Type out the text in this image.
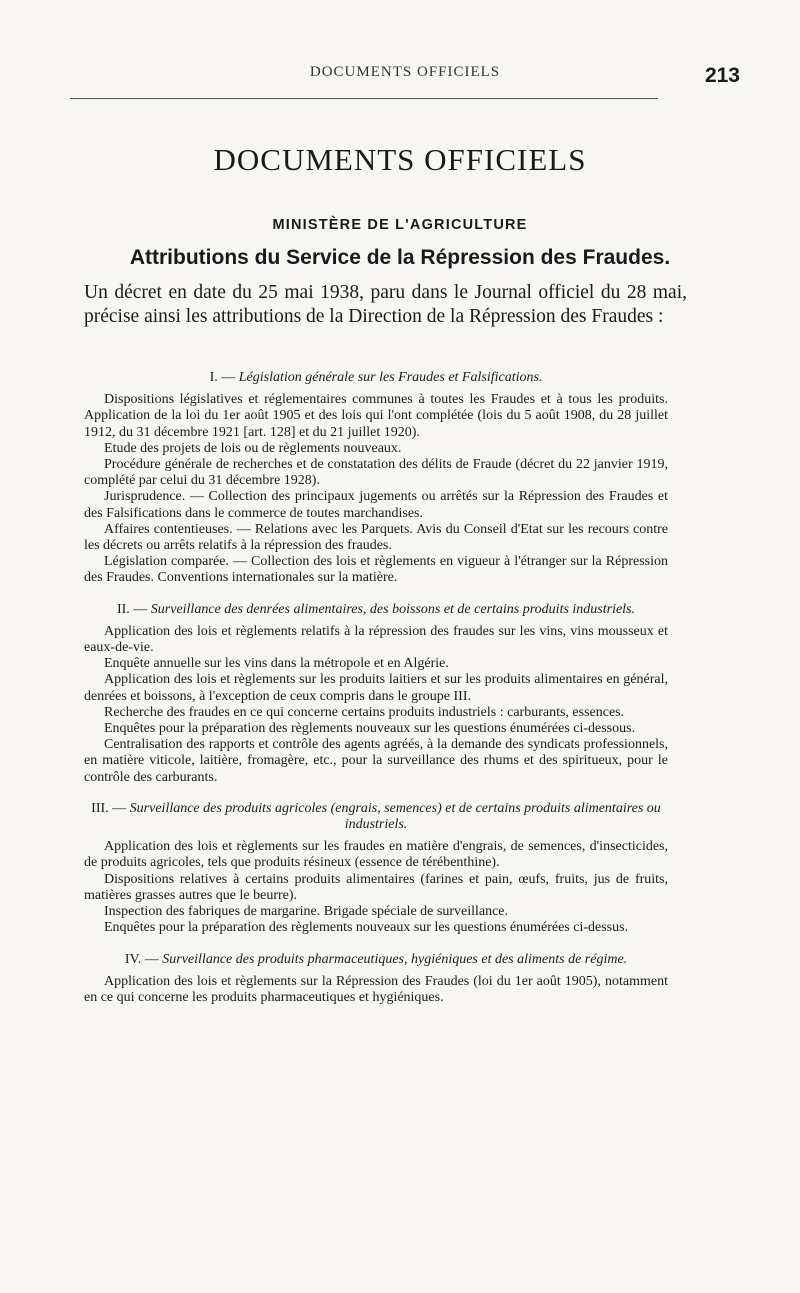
DOCUMENTS OFFICIELS	213
DOCUMENTS OFFICIELS
MINISTÈRE DE L'AGRICULTURE
Attributions du Service de la Répression des Fraudes.
Un décret en date du 25 mai 1938, paru dans le Journal officiel du 28 mai, précise ainsi les attributions de la Direction de la Répression des Fraudes :

I. — Législation générale sur les Fraudes et Falsifications.

Dispositions législatives et réglementaires communes à toutes les Fraudes et à tous les produits. Application de la loi du 1er août 1905 et des lois qui l'ont complétée (lois du 5 août 1908, du 28 juillet 1912, du 31 décembre 1921 [art. 128] et du 21 juillet 1920).

Etude des projets de lois ou de règlements nouveaux.

Procédure générale de recherches et de constatation des délits de Fraude (décret du 22 janvier 1919, complété par celui du 31 décembre 1928).

Jurisprudence. — Collection des principaux jugements ou arrêtés sur la Répression des Fraudes et des Falsifications dans le commerce de toutes marchandises.

Affaires contentieuses. — Relations avec les Parquets. Avis du Conseil d'Etat sur les recours contre les décrets ou arrêts relatifs à la répression des fraudes.

Législation comparée. — Collection des lois et règlements en vigueur à l'étranger sur la Répression des Fraudes. Conventions internationales sur la matière.

II. — Surveillance des denrées alimentaires, des boissons et de certains produits industriels.

Application des lois et règlements relatifs à la répression des fraudes sur les vins, vins mousseux et eaux-de-vie.

Enquête annuelle sur les vins dans la métropole et en Algérie.

Application des lois et règlements sur les produits laitiers et sur les produits alimentaires en général, denrées et boissons, à l'exception de ceux compris dans le groupe III.

Recherche des fraudes en ce qui concerne certains produits industriels : carburants, essences.

Enquêtes pour la préparation des règlements nouveaux sur les questions énumérées ci-dessous.

Centralisation des rapports et contrôle des agents agréés, à la demande des syndicats professionnels, en matière viticole, laitière, fromagère, etc., pour la surveillance des rhums et des spiritueux, pour le contrôle des carburants.

III. — Surveillance des produits agricoles (engrais, semences) et de certains produits alimentaires ou industriels.

Application des lois et règlements sur les fraudes en matière d'engrais, de semences, d'insecticides, de produits agricoles, tels que produits résineux (essence de térébenthine).

Dispositions relatives à certains produits alimentaires (farines et pain, œufs, fruits, jus de fruits, matières grasses autres que le beurre).

Inspection des fabriques de margarine. Brigade spéciale de surveillance.

Enquêtes pour la préparation des règlements nouveaux sur les questions énumérées ci-dessus.

IV. — Surveillance des produits pharmaceutiques, hygiéniques et des aliments de régime.

Application des lois et règlements sur la Répression des Fraudes (loi du 1er août 1905), notamment en ce qui concerne les produits pharmaceutiques et hygiéniques.
